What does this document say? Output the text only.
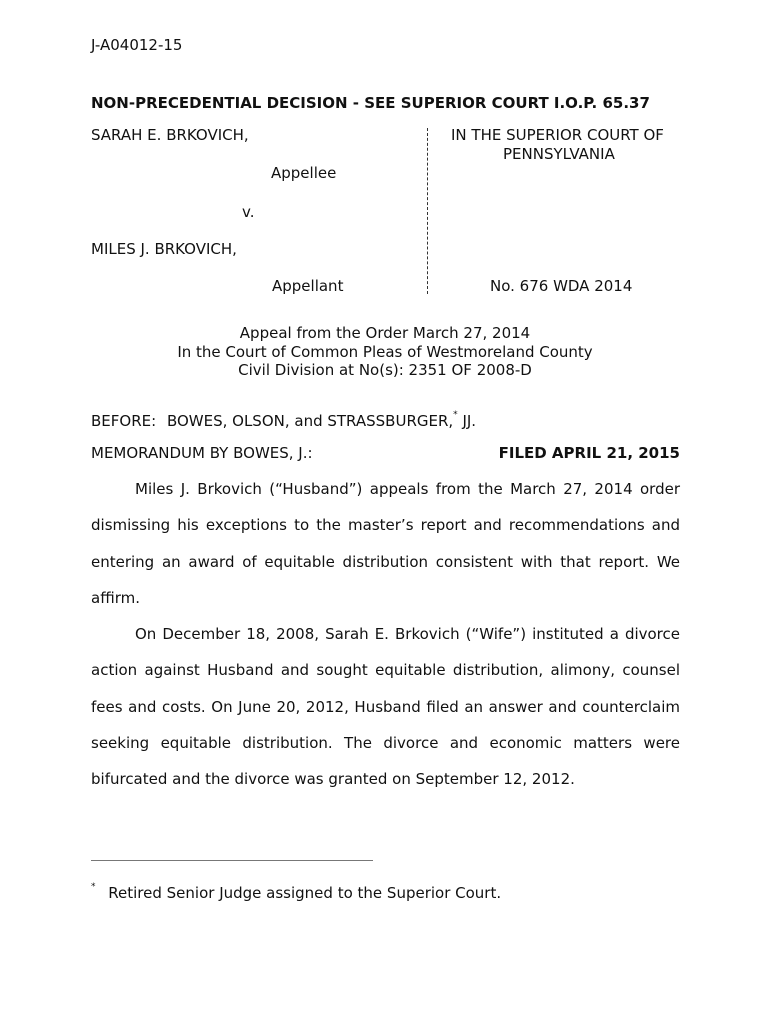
J-A04012-15
NON-PRECEDENTIAL DECISION - SEE SUPERIOR COURT I.O.P. 65.37
SARAH E. BRKOVICH,
Appellee
v.
MILES J. BRKOVICH,
Appellant
IN THE SUPERIOR COURT OF
PENNSYLVANIA
No. 676 WDA 2014
Appeal from the Order March 27, 2014
In the Court of Common Pleas of Westmoreland County
Civil Division at No(s): 2351 OF 2008-D
BEFORE: BOWES, OLSON, and STRASSBURGER,* JJ.
MEMORANDUM BY BOWES, J.:	FILED APRIL 21, 2015

Miles J. Brkovich (“Husband”) appeals from the March 27, 2014 order dismissing his exceptions to the master’s report and recommendations and entering an award of equitable distribution consistent with that report. We affirm.

On December 18, 2008, Sarah E. Brkovich (“Wife”) instituted a divorce action against Husband and sought equitable distribution, alimony, counsel fees and costs. On June 20, 2012, Husband filed an answer and counterclaim seeking equitable distribution. The divorce and economic matters were bifurcated and the divorce was granted on September 12, 2012.

* Retired Senior Judge assigned to the Superior Court.
